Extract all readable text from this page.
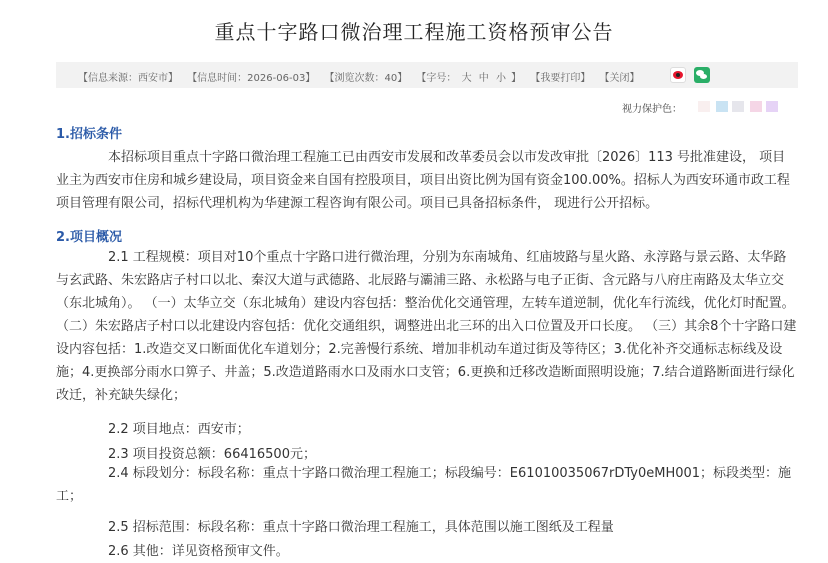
重点十字路口微治理工程施工资格预审公告
【信息来源：西安市】 【信息时间：2026-06-03】 【浏览次数：40】 【字号： 大 中 小 】 【我要打印】 【关闭】
视力保护色：
1.招标条件
本招标项目重点十字路口微治理工程施工已由西安市发展和改革委员会以市发改审批〔2026〕113 号批准建设， 项目业主为西安市住房和城乡建设局，项目资金来自国有控股项目，项目出资比例为国有资金100.00%。招标人为西安环通市政工程项目管理有限公司，招标代理机构为华建源工程咨询有限公司。项目已具备招标条件， 现进行公开招标。
2.项目概况
2.1 工程规模：项目对10个重点十字路口进行微治理，分别为东南城角、红庙坡路与星火路、永淳路与景云路、太华路与玄武路、朱宏路店子村口以北、秦汉大道与武德路、北辰路与灞浦三路、永松路与电子正街、含元路与八府庄南路及太华立交（东北城角）。 （一）太华立交（东北城角）建设内容包括：整治优化交通管理，左转车道逆制，优化车行流线，优化灯时配置。 （二）朱宏路店子村口以北建设内容包括：优化交通组织，调整进出北三环的出入口位置及开口长度。 （三）其余8个十字路口建设内容包括：1.改造交叉口断面优化车道划分；2.完善慢行系统、增加非机动车道过街及等待区；3.优化补齐交通标志标线及设施；4.更换部分雨水口箅子、井盖；5.改造道路雨水口及雨水口支管；6.更换和迁移改造断面照明设施；7.结合道路断面进行绿化改迁，补充缺失绿化；
2.2 项目地点：西安市；
2.3 项目投资总额：66416500元；
2.4 标段划分：标段名称：重点十字路口微治理工程施工；标段编号：E61010035067rDTy0eMH001；标段类型：施工；
2.5 招标范围：标段名称：重点十字路口微治理工程施工，具体范围以施工图纸及工程量
2.6 其他：详见资格预审文件。
